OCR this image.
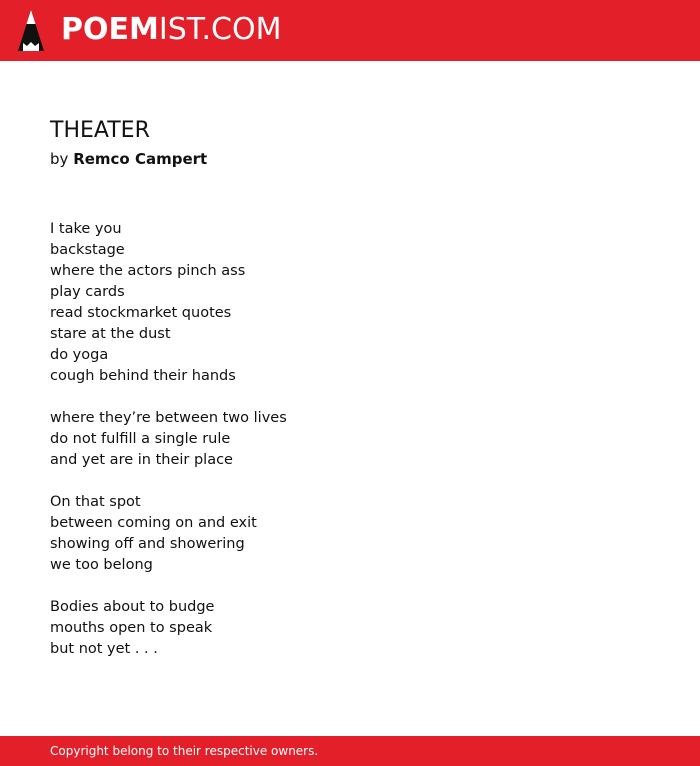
POEMIST.COM
THEATER
by Remco Campert
I take you
backstage
where the actors pinch ass
play cards
read stockmarket quotes
stare at the dust
do yoga
cough behind their hands
where they’re between two lives
do not fulfill a single rule
and yet are in their place
On that spot
between coming on and exit
showing off and showering
we too belong
Bodies about to budge
mouths open to speak
but not yet . . .
Copyright belong to their respective owners.
